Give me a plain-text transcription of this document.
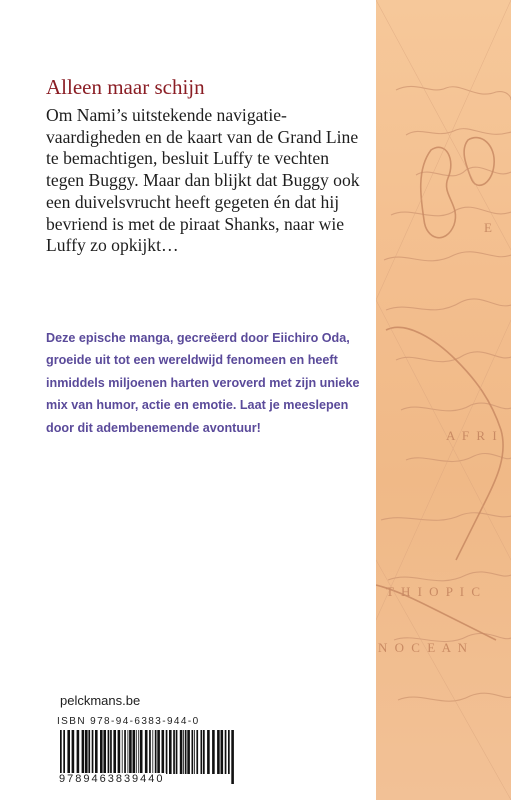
E
A F R I
T H I O P I C
N O C E A N
Alleen maar schijn

Om Nami’s uitstekende navigatie-vaardigheden en de kaart van de Grand Line te bemachtigen, besluit Luffy te vechten tegen Buggy. Maar dan blijkt dat Buggy ook een duivelsvrucht heeft gegeten én dat hij bevriend is met de piraat Shanks, naar wie Luffy zo opkijkt…

Deze epische manga, gecreëerd door Eiichiro Oda, groeide uit tot een wereldwijd fenomeen en heeft inmiddels miljoenen harten veroverd met zijn unieke mix van humor, actie en emotie. Laat je meeslepen door dit adembenemende avontuur!

pelckmans.be

ISBN 978-94-6383-944-0
9789463839440
